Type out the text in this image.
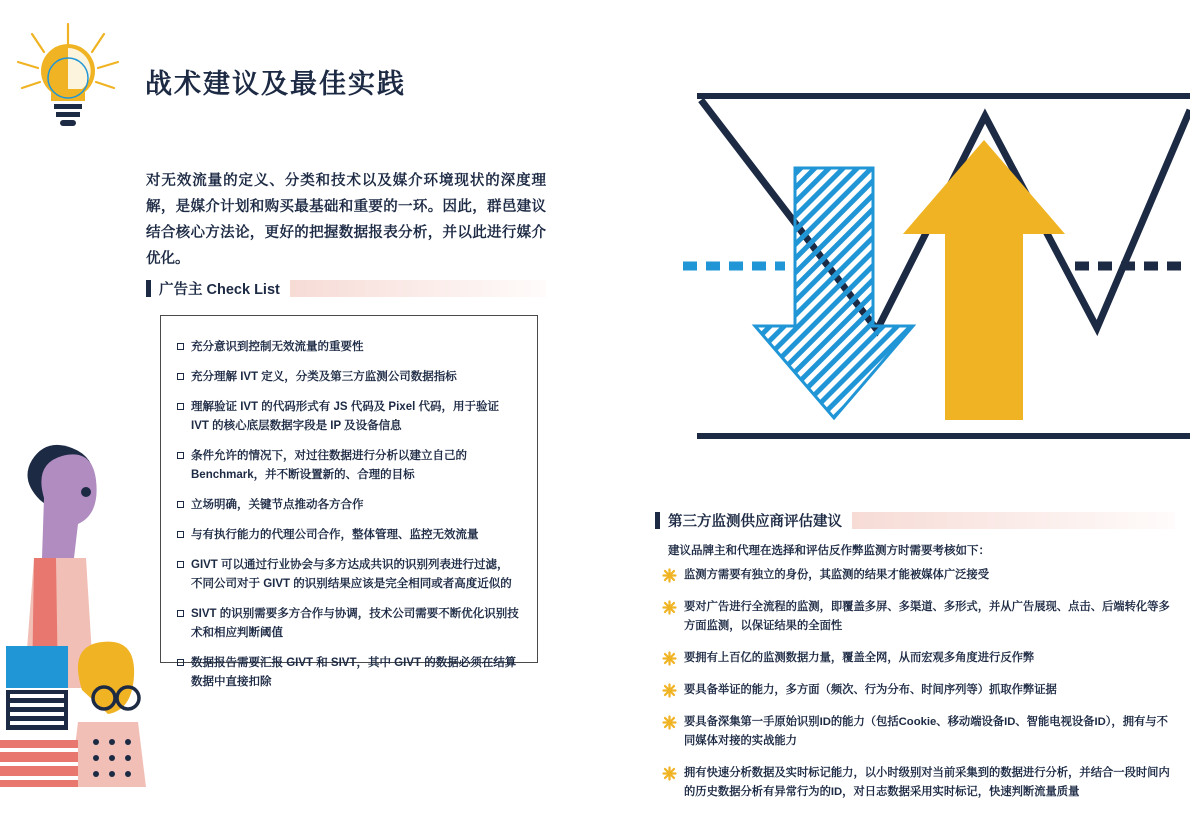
战术建议及最佳实践
对无效流量的定义、分类和技术以及媒介环境现状的深度理解，是媒介计划和购买最基础和重要的一环。因此，群邑建议结合核心方法论，更好的把握数据报表分析，并以此进行媒介优化。
广告主 Check List
充分意识到控制无效流量的重要性
充分理解 IVT 定义，分类及第三方监测公司数据指标
理解验证 IVT 的代码形式有 JS 代码及 Pixel 代码，用于验证 IVT 的核心底层数据字段是 IP 及设备信息
条件允许的情况下，对过往数据进行分析以建立自己的 Benchmark，并不断设置新的、合理的目标
立场明确，关键节点推动各方合作
与有执行能力的代理公司合作，整体管理、监控无效流量
GIVT 可以通过行业协会与多方达成共识的识别列表进行过滤，不同公司对于 GIVT 的识别结果应该是完全相同或者高度近似的
SIVT 的识别需要多方合作与协调，技术公司需要不断优化识别技术和相应判断阈值
数据报告需要汇报 GIVT 和 SIVT，其中 GIVT 的数据必须在结算数据中直接扣除
第三方监测供应商评估建议
建议品牌主和代理在选择和评估反作弊监测方时需要考核如下：
监测方需要有独立的身份，其监测的结果才能被媒体广泛接受
要对广告进行全流程的监测，即覆盖多屏、多渠道、多形式，并从广告展现、点击、后端转化等多方面监测，以保证结果的全面性
要拥有上百亿的监测数据力量，覆盖全网，从而宏观多角度进行反作弊
要具备举证的能力，多方面（频次、行为分布、时间序列等）抓取作弊证据
要具备深集第一手原始识别ID的能力（包括Cookie、移动端设备ID、智能电视设备ID），拥有与不同媒体对接的实战能力
拥有快速分析数据及实时标记能力，以小时级别对当前采集到的数据进行分析，并结合一段时间内的历史数据分析有异常行为的ID，对日志数据采用实时标记，快速判断流量质量
